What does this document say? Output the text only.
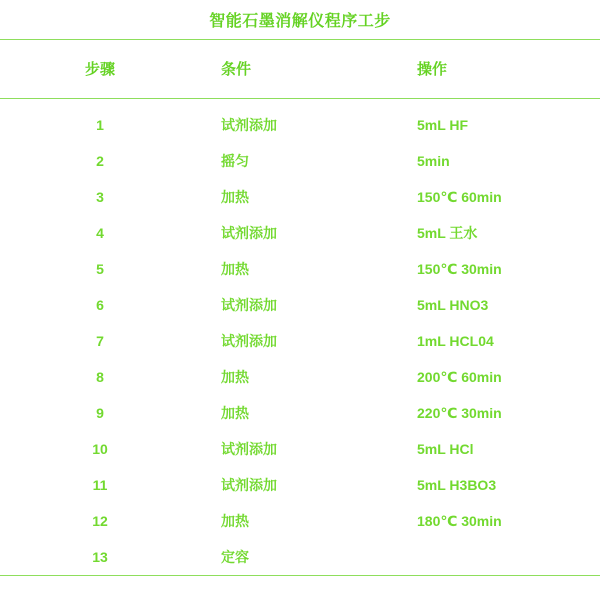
智能石墨消解仪程序工步
步骤	条件	操作
1	试剂添加	5mL HF
2	摇匀	5min
3	加热	150℃ 60min
4	试剂添加	5mL 王水
5	加热	150℃ 30min
6	试剂添加	5mL HNO3
7	试剂添加	1mL HCL04
8	加热	200℃ 60min
9	加热	220℃ 30min
10	试剂添加	5mL HCl
11	试剂添加	5mL H3BO3
12	加热	180℃ 30min
13	定容	
